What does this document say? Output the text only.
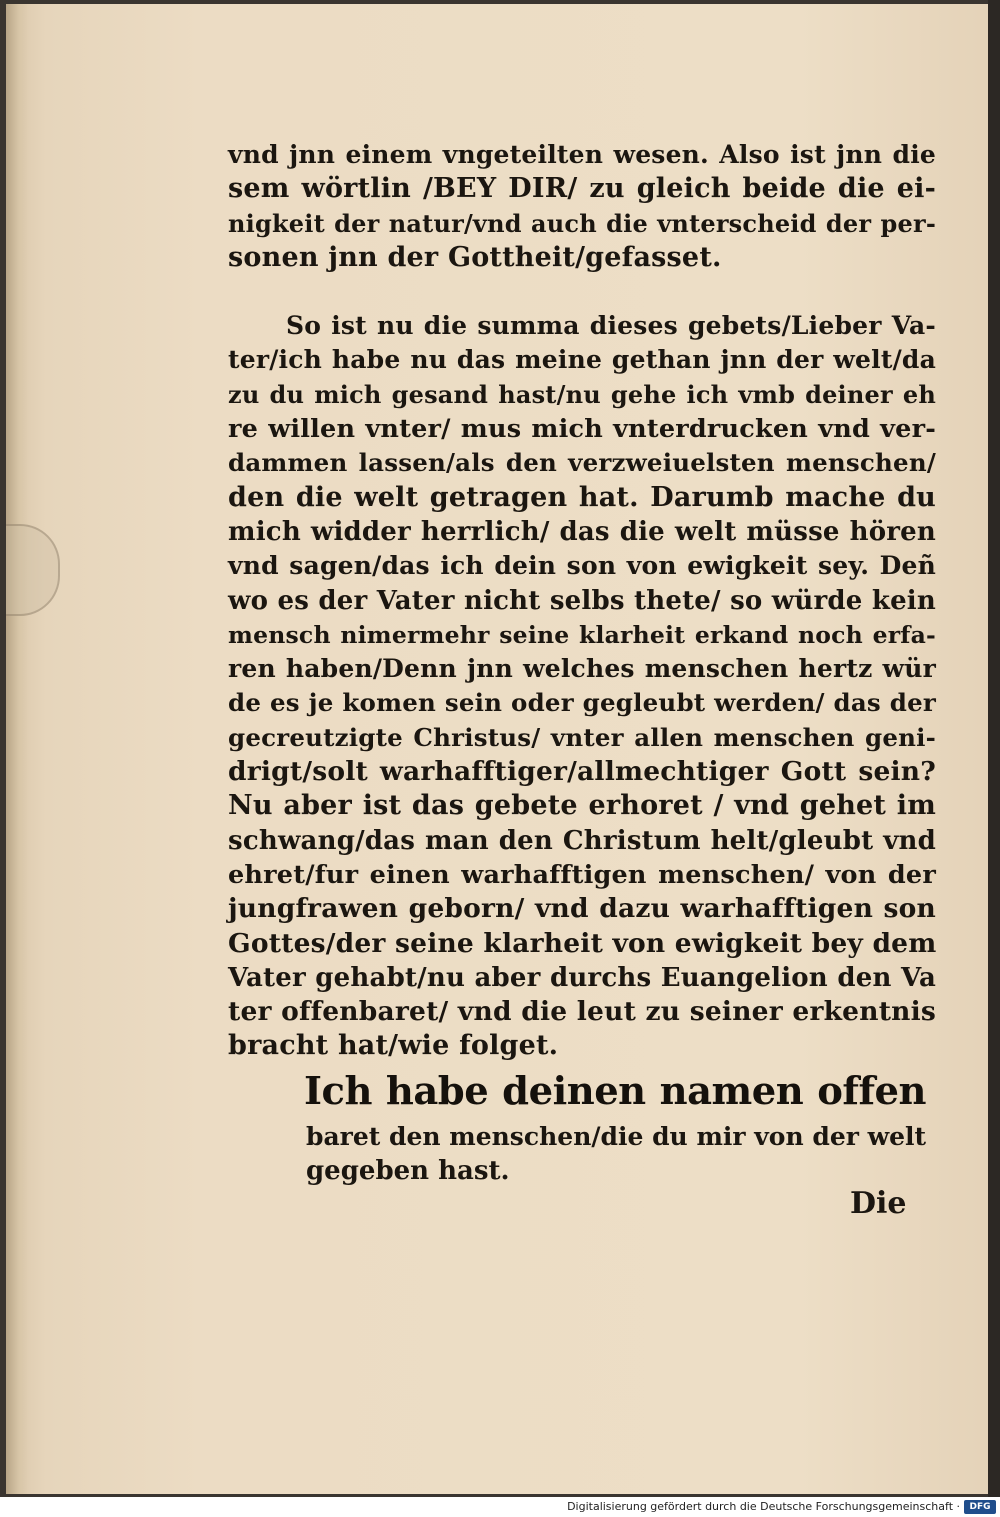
vnd jnn einem vngeteilten wesen. Also ist jnn die
sem wörtlin /BEY DIR/ zu gleich beide die ei-
nigkeit der natur/vnd auch die vnterscheid der per-
sonen jnn der Gottheit/gefasset.
So ist nu die summa dieses gebets/Lieber Va-
ter/ich habe nu das meine gethan jnn der welt/da
zu du mich gesand hast/nu gehe ich vmb deiner eh
re willen vnter/ mus mich vnterdrucken vnd ver-
dammen lassen/als den verzweiuelsten menschen/
den die welt getragen hat. Darumb mache du
mich widder herrlich/ das die welt müsse hören
vnd sagen/das ich dein son von ewigkeit sey. Deñ
wo es der Vater nicht selbs thete/ so würde kein
mensch nimermehr seine klarheit erkand noch erfa-
ren haben/Denn jnn welches menschen hertz wür
de es je komen sein oder gegleubt werden/ das der
gecreutzigte Christus/ vnter allen menschen geni-
drigt/solt warhafftiger/allmechtiger Gott sein?
Nu aber ist das gebete erhoret / vnd gehet im
schwang/das man den Christum helt/gleubt vnd
ehret/fur einen warhafftigen menschen/ von der
jungfrawen geborn/ vnd dazu warhafftigen son
Gottes/der seine klarheit von ewigkeit bey dem
Vater gehabt/nu aber durchs Euangelion den Va
ter offenbaret/ vnd die leut zu seiner erkentnis
bracht hat/wie folget.
Ich habe deinen namen offen
baret den menschen/die du mir von der welt
gegeben hast.
Die
Digitalisierung gefördert durch die Deutsche Forschungsgemeinschaft ·	DFG
